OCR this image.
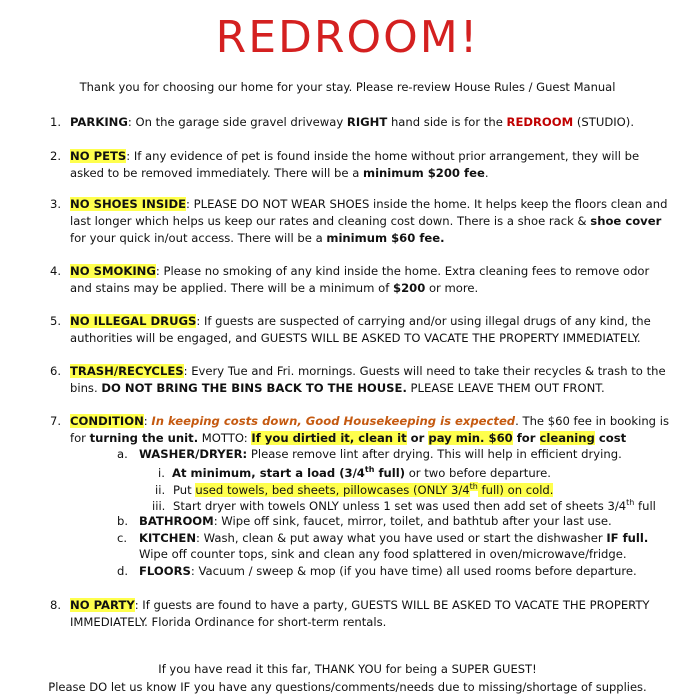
REDROOM!
Thank you for choosing our home for your stay. Please re-review House Rules / Guest Manual
1. PARKING: On the garage side gravel driveway RIGHT hand side is for the REDROOM (STUDIO).

2. NO PETS: If any evidence of pet is found inside the home without prior arrangement, they will be asked to be removed immediately. There will be a minimum $200 fee.

3. NO SHOES INSIDE: PLEASE DO NOT WEAR SHOES inside the home. It helps keep the floors clean and last longer which helps us keep our rates and cleaning cost down. There is a shoe rack & shoe cover for your quick in/out access. There will be a minimum $60 fee.

4. NO SMOKING: Please no smoking of any kind inside the home. Extra cleaning fees to remove odor and stains may be applied. There will be a minimum of $200 or more.

5. NO ILLEGAL DRUGS: If guests are suspected of carrying and/or using illegal drugs of any kind, the authorities will be engaged, and GUESTS WILL BE ASKED TO VACATE THE PROPERTY IMMEDIATELY.

6. TRASH/RECYCLES: Every Tue and Fri. mornings. Guests will need to take their recycles & trash to the bins. DO NOT BRING THE BINS BACK TO THE HOUSE. PLEASE LEAVE THEM OUT FRONT.

7. CONDITION: In keeping costs down, Good Housekeeping is expected. The $60 fee in booking is for turning the unit. MOTTO: If you dirtied it, clean it or pay min. $60 for cleaning cost

a. WASHER/DRYER: Please remove lint after drying. This will help in efficient drying.
i. At minimum, start a load (3/4th full) or two before departure.
ii. Put used towels, bed sheets, pillowcases (ONLY 3/4th full) on cold.
iii. Start dryer with towels ONLY unless 1 set was used then add set of sheets 3/4th full
b. BATHROOM: Wipe off sink, faucet, mirror, toilet, and bathtub after your last use.
c. KITCHEN: Wash, clean & put away what you have used or start the dishwasher IF full.
Wipe off counter tops, sink and clean any food splattered in oven/microwave/fridge.
d. FLOORS: Vacuum / sweep & mop (if you have time) all used rooms before departure.
8. NO PARTY: If guests are found to have a party, GUESTS WILL BE ASKED TO VACATE THE PROPERTY IMMEDIATELY. Florida Ordinance for short-term rentals.

If you have read it this far, THANK YOU for being a SUPER GUEST!
Please DO let us know IF you have any questions/comments/needs due to missing/shortage of supplies.
